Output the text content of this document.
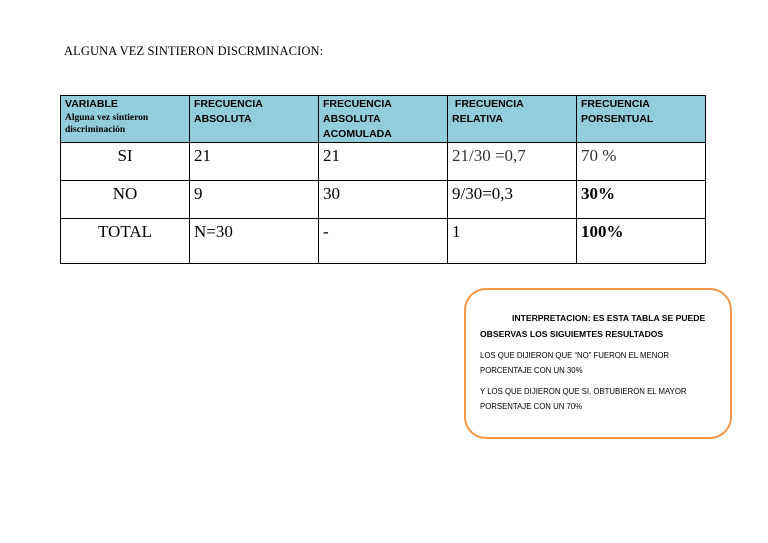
ALGUNA VEZ SINTIERON DISCRMINACION:
VARIABLE
Alguna vez sintieron discriminación	FRECUENCIA ABSOLUTA	FRECUENCIA ABSOLUTA ACOMULADA	FRECUENCIA RELATIVA	FRECUENCIA PORSENTUAL

SI	21	21	21/30 =0,7	70 %
NO	9	30	9/30=0,3	30%
TOTAL	N=30	-	1	100%

INTERPRETACION: ES ESTA TABLA SE PUEDE OBSERVAS LOS SIGUIEMTES RESULTADOS

LOS QUE DIJIERON QUE “NO” FUERON EL MENOR PORCENTAJE CON UN 30%

Y LOS QUE DIJIERON QUE SI, OBTUBIERON EL MAYOR PORSENTAJE CON UN 70%
